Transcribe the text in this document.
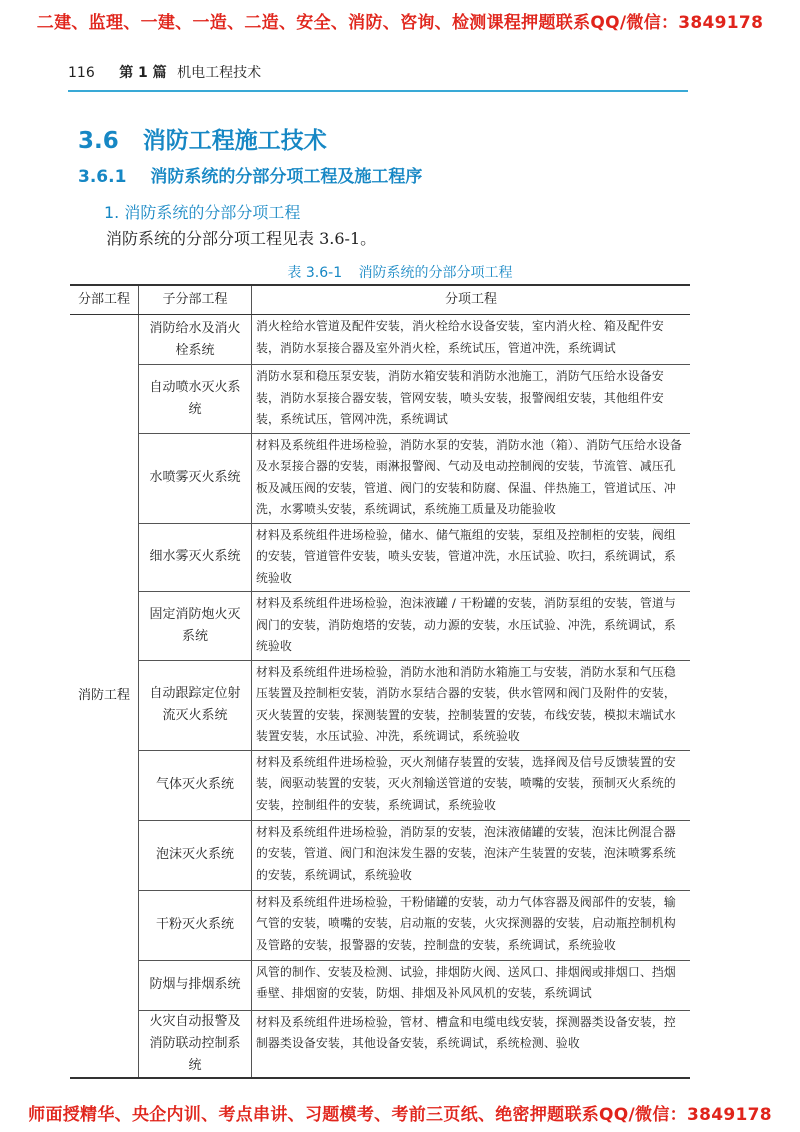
二建、监理、一建、一造、二造、安全、消防、咨询、检测课程押题联系QQ/微信：3849178
116 第 1 篇 机电工程技术
3.6 消防工程施工技术
3.6.1 消防系统的分部分项工程及施工程序
1. 消防系统的分部分项工程
消防系统的分部分项工程见表 3.6-1。
表 3.6-1 消防系统的分部分项工程
分部工程	子分部工程	分项工程
消防工程	消防给水及消火栓系统	消火栓给水管道及配件安装，消火栓给水设备安装，室内消火栓、箱及配件安装，消防水泵接合器及室外消火栓，系统试压，管道冲洗，系统调试
	自动喷水灭火系统	消防水泵和稳压泵安装，消防水箱安装和消防水池施工，消防气压给水设备安装，消防水泵接合器安装，管网安装，喷头安装，报警阀组安装，其他组件安装，系统试压，管网冲洗，系统调试
	水喷雾灭火系统	材料及系统组件进场检验，消防水泵的安装，消防水池（箱）、消防气压给水设备及水泵接合器的安装，雨淋报警阀、气动及电动控制阀的安装，节流管、减压孔板及减压阀的安装，管道、阀门的安装和防腐、保温、伴热施工，管道试压、冲洗，水雾喷头安装，系统调试，系统施工质量及功能验收
	细水雾灭火系统	材料及系统组件进场检验，储水、储气瓶组的安装，泵组及控制柜的安装，阀组的安装，管道管件安装，喷头安装，管道冲洗，水压试验、吹扫，系统调试，系统验收
	固定消防炮火灭系统	材料及系统组件进场检验，泡沫液罐 / 干粉罐的安装，消防泵组的安装，管道与阀门的安装，消防炮塔的安装，动力源的安装，水压试验、冲洗，系统调试，系统验收
	自动跟踪定位射流灭火系统	材料及系统组件进场检验，消防水池和消防水箱施工与安装，消防水泵和气压稳压装置及控制柜安装，消防水泵结合器的安装，供水管网和阀门及附件的安装，灭火装置的安装，探测装置的安装，控制装置的安装，布线安装，模拟末端试水装置安装，水压试验、冲洗，系统调试，系统验收
	气体灭火系统	材料及系统组件进场检验，灭火剂储存装置的安装，选择阀及信号反馈装置的安装，阀驱动装置的安装，灭火剂输送管道的安装，喷嘴的安装，预制灭火系统的安装，控制组件的安装，系统调试，系统验收
	泡沫灭火系统	材料及系统组件进场检验，消防泵的安装，泡沫液储罐的安装，泡沫比例混合器的安装，管道、阀门和泡沫发生器的安装，泡沫产生装置的安装，泡沫喷雾系统的安装，系统调试，系统验收
	干粉灭火系统	材料及系统组件进场检验，干粉储罐的安装，动力气体容器及阀部件的安装，输气管的安装，喷嘴的安装，启动瓶的安装，火灾探测器的安装，启动瓶控制机构及管路的安装，报警器的安装，控制盘的安装，系统调试，系统验收
	防烟与排烟系统	风管的制作、安装及检测、试验，排烟防火阀、送风口、排烟阀或排烟口、挡烟垂壁、排烟窗的安装，防烟、排烟及补风风机的安装，系统调试
	火灾自动报警及消防联动控制系统	材料及系统组件进场检验，管材、槽盒和电缆电线安装，探测器类设备安装，控制器类设备安装，其他设备安装，系统调试，系统检测、验收
师面授精华、央企内训、考点串讲、习题模考、考前三页纸、绝密押题联系QQ/微信：3849178
